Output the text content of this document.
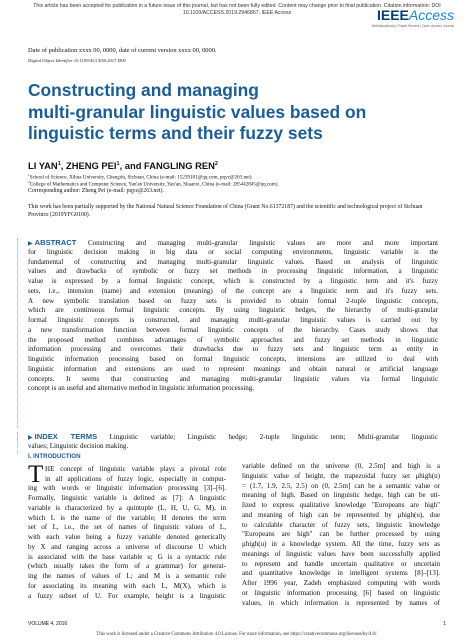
This article has been accepted for publication in a future issue of this journal, but has not been fully edited. Content may change prior to final publication. Citation information: DOI
10.1109/ACCESS.2019.2946867, IEEE Access	IEEEAccess
Multidisciplinary | Rapid Review | Open Access Journal
Date of publication xxxx 00, 0000, date of current version xxxx 00, 0000.
Digital Object Identifier 10.1109/ACCESS.2017.DOI
Constructing and managing
multi-granular linguistic values based on
linguistic terms and their fuzzy sets
LI YAN$^1$, ZHENG PEI$^1$, and FANGLING REN$^2$
$^1$School of Science, Xihua University, Chengdu, Sichuan, China (e-mail: 15239181@qq.com, pqyz@263.net).
$^2$College of Mathematics and Computer Science, Yan'an University, Yan'an, Shaanxi, China (e-mail: 285442845@qq.com).
Corresponding author: Zheng Pei (e-mail: pqyz@263.net).
This work has been partially supported by the National Natural Science Foundation of China (Grant No.61372187) and the scientific and technological project of Sichuan Province (2019YFG0100).
▶ ABSTRACT Constructing and managing multi-granular linguistic values are more and more important
for linguistic decision making in big data or social computing environments, linguistic variable is the
fundamental of constructing and managing multi-granular linguistic values. Based on analysis of linguistic
values and drawbacks of symbolic or fuzzy set methods in processing linguistic information, a linguistic
value is expressed by a formal linguistic concept, which is constructed by a linguistic term and it's fuzzy
sets, i.e., intension (name) and extension (meaning) of the concept are a linguistic term and it's fuzzy sets.
A new symbolic translation based on fuzzy sets is provided to obtain formal 2-tuple linguistic concepts,
which are continuous formal linguistic concepts. By using linguistic hedges, the hierarchy of multi-granular
formal linguistic concepts is constructed, and managing multi-granular linguistic values is carried out by
a new transformation function between formal linguistic concepts of the hierarchy. Cases study shows that
the proposed method combines advantages of symbolic approaches and fuzzy set methods in linguistic
information processing and overcomes their drawbacks due to fuzzy sets and linguistic term as entity in
linguistic information processing based on formal linguistic concepts, intensions are utilized to deal with
linguistic information and extensions are used to represent meanings and obtain natural or artificial language
concepts. It seems that constructing and managing multi-granular linguistic values via formal linguistic
concept is an useful and alternative method in linguistic information processing.
▶ INDEX TERMS Linguistic variable; Linguistic hedge; 2-tuple linguistic term; Multi-granular linguistic
values; Linguistic decision making.
I. INTRODUCTION
T HE concept of linguistic variable plays a pivotal role
in all applications of fuzzy logic, especially in comput-
ing with words or linguistic information processing [3]–[6].
Formally, linguistic variable is defined as [7]: A linguistic
variable is characterized by a quintuple (L, H, U, G, M), in
which L is the name of the variable; H denotes the term
set of L, i.e., the set of names of linguistic values of L,
with each value being a fuzzy variable denoted generically
by X and ranging across a universe of discourse U which
is associated with the base variable u; G is a syntactic rule
(which usually takes the form of a grammar) for generat-
ing the names of values of L; and M is a semantic rule
for associating its meaning with each L, M(X), which is
a fuzzy subset of U. For example, height is a linguistic
variable defined on the universe (0, 2.5m] and high is a
linguistic value of height, the trapezoidal fuzzy set μhigh(u)
= (1.7, 1.9, 2.5, 2.5) on (0, 2.5m] can be a semantic value or
meaning of high. Based on linguistic hedge, high can be uti-
lized to express qualitative knowledge "Europeans are high"
and meaning of high can be represented by μhigh(u), due
to calculable character of fuzzy sets, linguistic knowledge
"Europeans are high" can be further processed by using
μhigh(u) in a knowledge system. All the time, fuzzy sets as
meanings of linguistic values have been successfully applied
to represent and handle uncertain qualitative or uncertain
and quantitative knowledge in intelligent systems [8]–[13].
After 1996 year, Zadeh emphasized computing with words
or linguistic information processing [6] based on linguistic
values, in which information is represented by names of
VOLUME 4, 2016	1
This work is licensed under a Creative Commons Attribution 4.0 License. For more information, see https://creativecommons.org/licenses/by/4.0/.
